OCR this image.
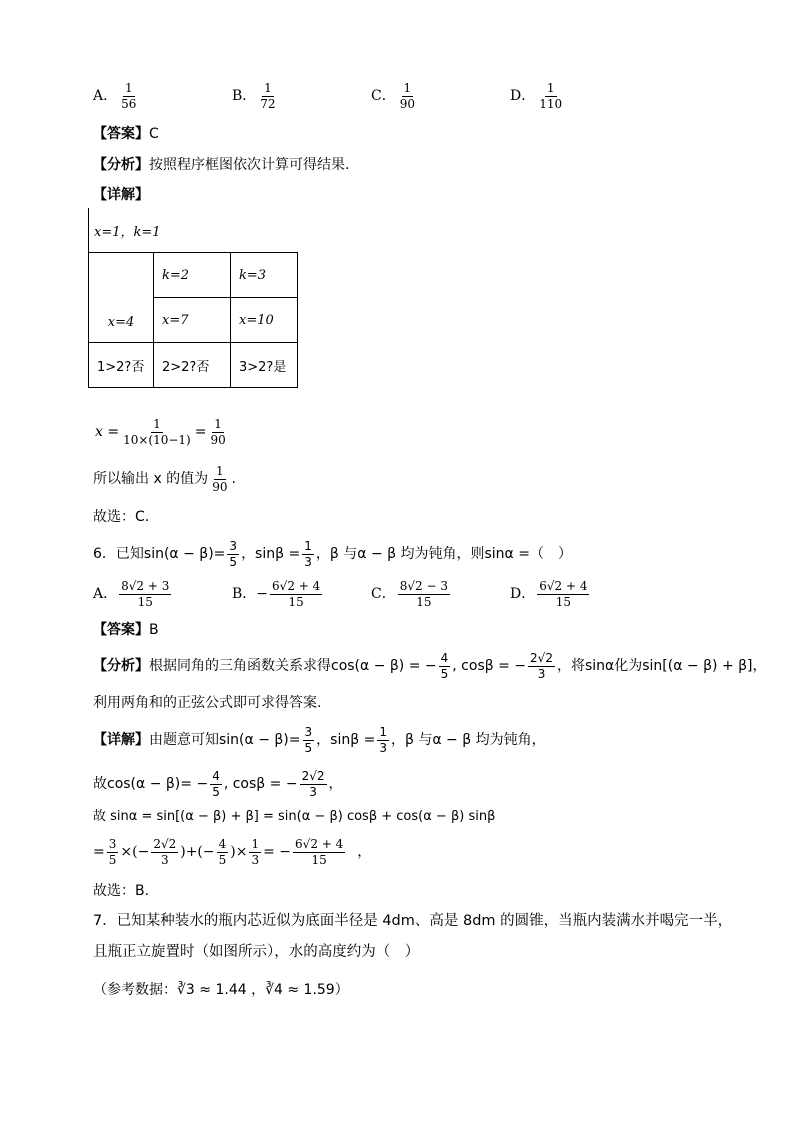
A． $\frac{1}{56}$	B． $\frac{1}{72}$	C． $\frac{1}{90}$	D． $\frac{1}{110}$
【答案】C
【分析】按照程序框图依次计算可得结果.
【详解】
x=1，k=1
x=4	k=2	k=3
	x=7	x=10
1>2?否	2>2?否	3>2?是
$x = \frac{1}{10\times(10-1)} = \frac{1}{90}$
所以输出 x 的值为 $\frac{1}{90}$ .
故选：C.
6．已知$\sin(\alpha - \beta)= \frac{3}{5}$ ，$\sin\beta = \frac{1}{3}$ ，β 与α − β 均为钝角，则sinα =（　）
A． $\frac{8√2 + 3}{15}$	B．− $\frac{6√2 + 4}{15}$	C． $\frac{8√2 - 3}{15}$	D． $\frac{6√2 + 4}{15}$
【答案】B
【分析】根据同角的三角函数关系求得cos(α − β) = − $\frac{4}{5}$ , cosβ = − $\frac{2√2}{3}$ ，将sinα化为sin[(α − β) + β]，
利用两角和的正弦公式即可求得答案.
【详解】由题意可知$\sin(\alpha - \beta)= \frac{3}{5}$ ，$\sin\beta = \frac{1}{3}$ ，β 与α − β 均为钝角，
故$\cos(\alpha - \beta)= - \frac{4}{5}$ , cosβ = − $\frac{2√2}{3}$ ，
故 sinα = sin[(α − β) + β] = sin(α − β) cosβ + cos(α − β) sinβ
= $\frac{3}{5}$ ×(− $\frac{2√2}{3}$ )+(− $\frac{4}{5}$ )× $\frac{1}{3}$ = − $\frac{6√2 + 4}{15}$ ，
故选：B.
7．已知某种装水的瓶内芯近似为底面半径是 4dm、高是 8dm 的圆锥，当瓶内装满水并喝完一半，
且瓶正立旋置时（如图所示），水的高度约为（　）
（参考数据：∛3 ≈ 1.44 ，∛4 ≈ 1.59）
